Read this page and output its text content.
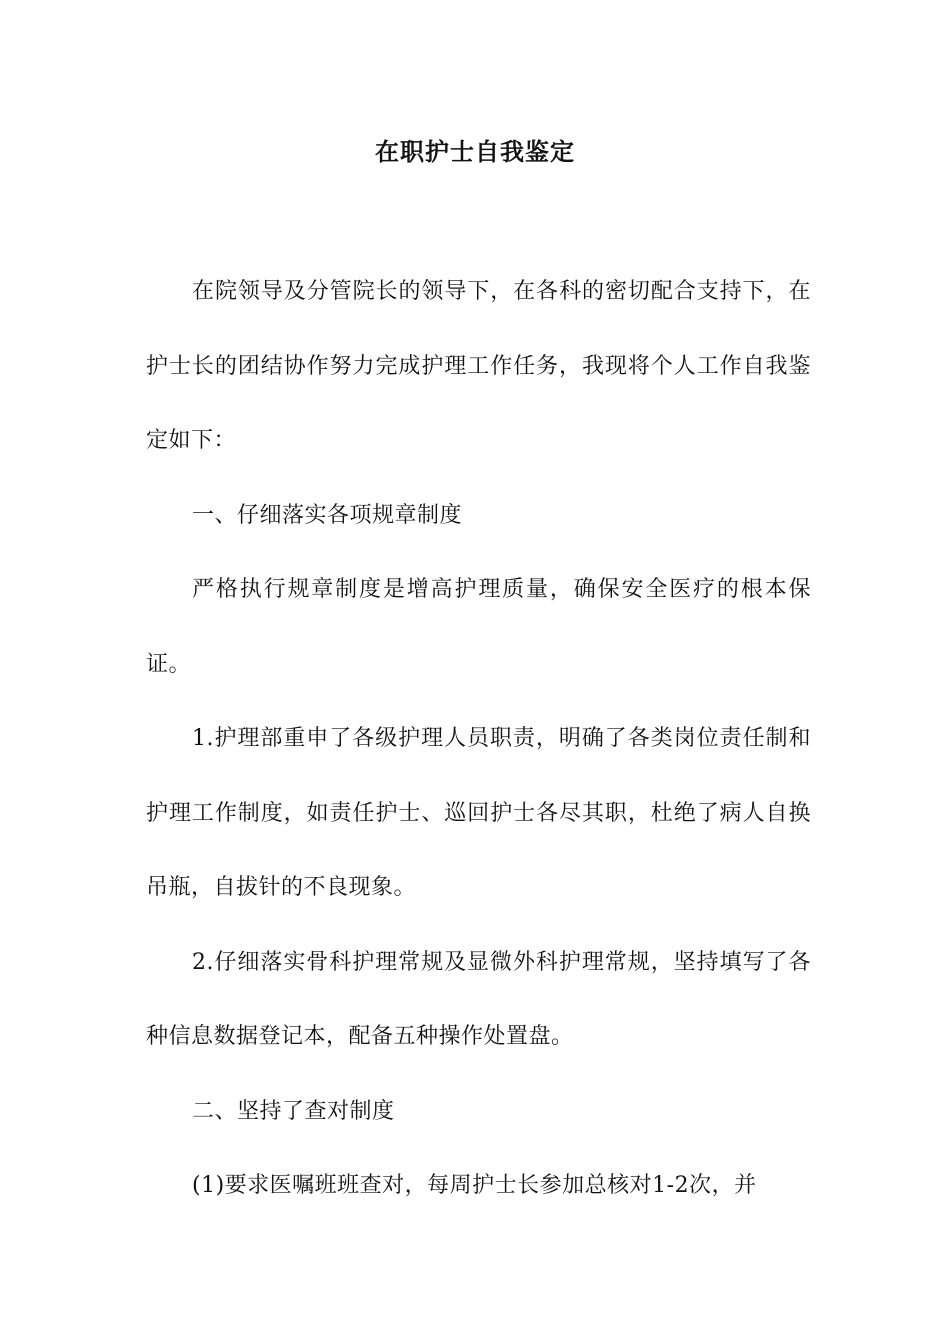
在职护士自我鉴定

在院领导及分管院长的领导下，在各科的密切配合支持下，在护士长的团结协作努力完成护理工作任务，我现将个人工作自我鉴定如下：

一、仔细落实各项规章制度

严格执行规章制度是增高护理质量，确保安全医疗的根本保证。

1.护理部重申了各级护理人员职责，明确了各类岗位责任制和护理工作制度，如责任护士、巡回护士各尽其职，杜绝了病人自换吊瓶，自拔针的不良现象。

2.仔细落实骨科护理常规及显微外科护理常规，坚持填写了各种信息数据登记本，配备五种操作处置盘。

二、坚持了查对制度

(1)要求医嘱班班查对，每周护士长参加总核对1-2次，并
